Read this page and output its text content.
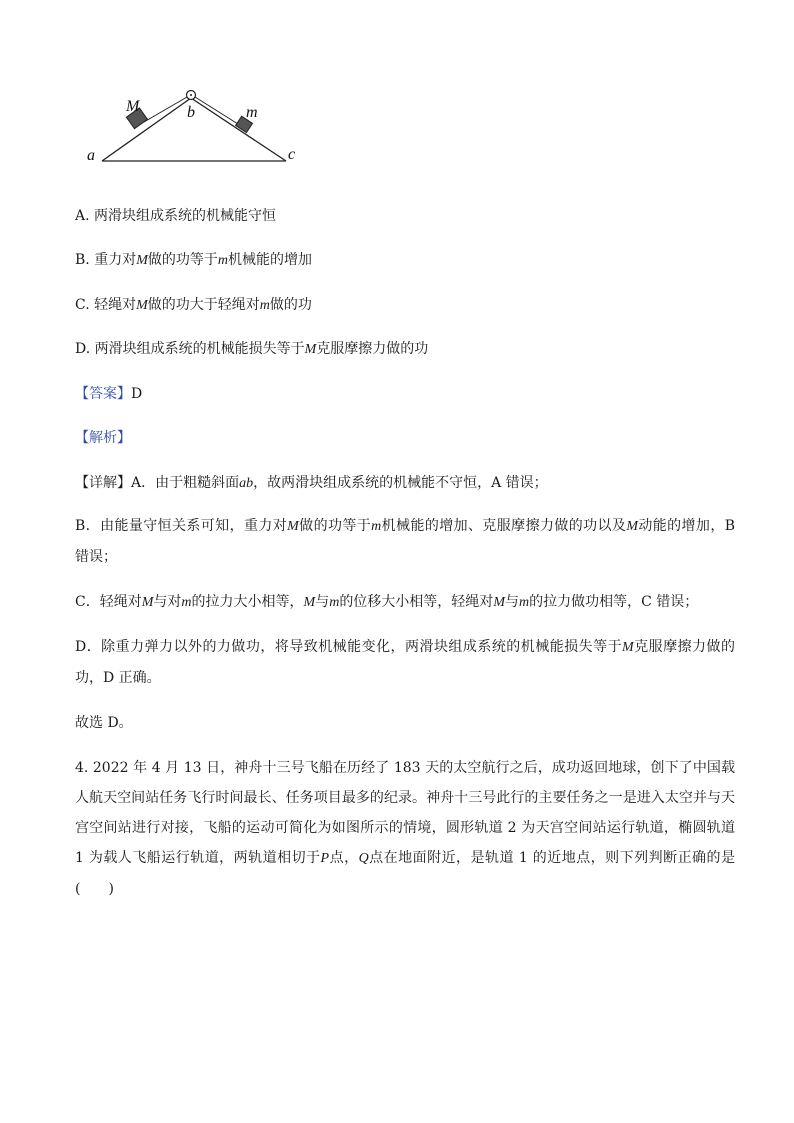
M	m
b
a	c
A. 两滑块组成系统的机械能守恒
B. 重力对M做的功等于m机械能的增加
C. 轻绳对M做的功大于轻绳对m做的功
D. 两滑块组成系统的机械能损失等于M克服摩擦力做的功
【答案】D
【解析】
【详解】A．由于粗糙斜面ab，故两滑块组成系统的机械能不守恒，A 错误；
B．由能量守恒关系可知，重力对M做的功等于m机械能的增加、克服摩擦力做的功以及M动能的增加，B 错误；
C．轻绳对M与对m的拉力大小相等，M与m的位移大小相等，轻绳对M与m的拉力做功相等，C 错误；
D．除重力弹力以外的力做功，将导致机械能变化，两滑块组成系统的机械能损失等于M克服摩擦力做的功，D 正确。
故选 D。
4. 2022 年 4 月 13 日，神舟十三号飞船在历经了 183 天的太空航行之后，成功返回地球，创下了中国载人航天空间站任务飞行时间最长、任务项目最多的纪录。神舟十三号此行的主要任务之一是进入太空并与天宫空间站进行对接，飞船的运动可简化为如图所示的情境，圆形轨道 2 为天宫空间站运行轨道，椭圆轨道 1 为载人飞船运行轨道，两轨道相切于P点，Q点在地面附近，是轨道 1 的近地点，则下列判断正确的是(　　)
